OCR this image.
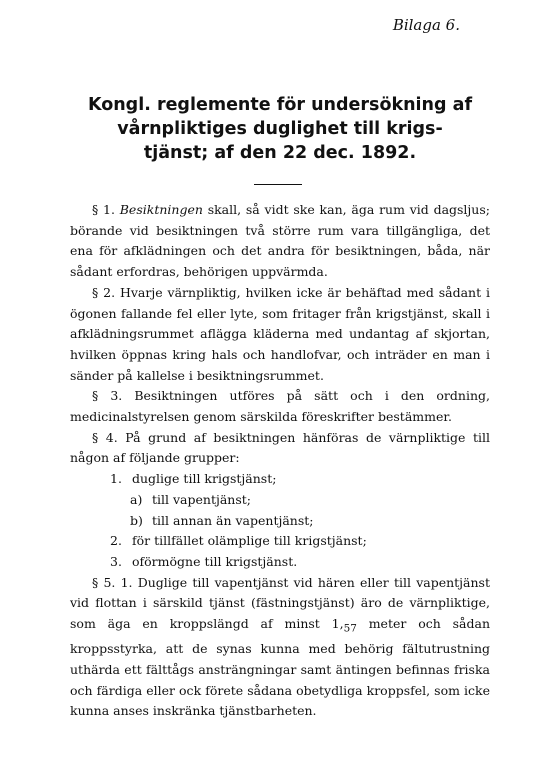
Bilaga 6.
Kongl. reglemente för undersökning af
vårnpliktiges duglighet till krigs-
tjänst; af den 22 dec. 1892.

§ 1. Besiktningen skall, så vidt ske kan, äga rum vid dagsljus; börande vid besiktningen två större rum vara tillgängliga, det ena för afklädningen och det andra för besiktningen, båda, när sådant erfordras, behörigen uppvärmda.

§ 2. Hvarje värnpliktig, hvilken icke är behäftad med sådant i ögonen fallande fel eller lyte, som fritager från krigstjänst, skall i afklädningsrummet aflägga kläderna med undantag af skjortan, hvilken öppnas kring hals och handlofvar, och inträder en man i sänder på kallelse i besiktningsrummet.

§ 3. Besiktningen utföres på sätt och i den ordning, medicinalstyrelsen genom särskilda föreskrifter bestämmer.

§ 4. På grund af besiktningen hänföras de värnpliktige till någon af följande grupper:

1. duglige till krigstjänst;
a) till vapentjänst;
b) till annan än vapentjänst;
2. för tillfället olämplige till krigstjänst;
3. oförmögne till krigstjänst.

§ 5. 1. Duglige till vapentjänst vid hären eller till vapentjänst vid flottan i särskild tjänst (fästningstjänst) äro de värnpliktige, som äga en kroppslängd af minst $1,_{57}$ meter och sådan kroppsstyrka, att de synas kunna med behörig fältutrustning uthärda ett fälttågs ansträngningar samt äntingen befinnas friska och färdiga eller ock förete sådana obetydliga kroppsfel, som icke kunna anses inskränka tjänstbarheten.
